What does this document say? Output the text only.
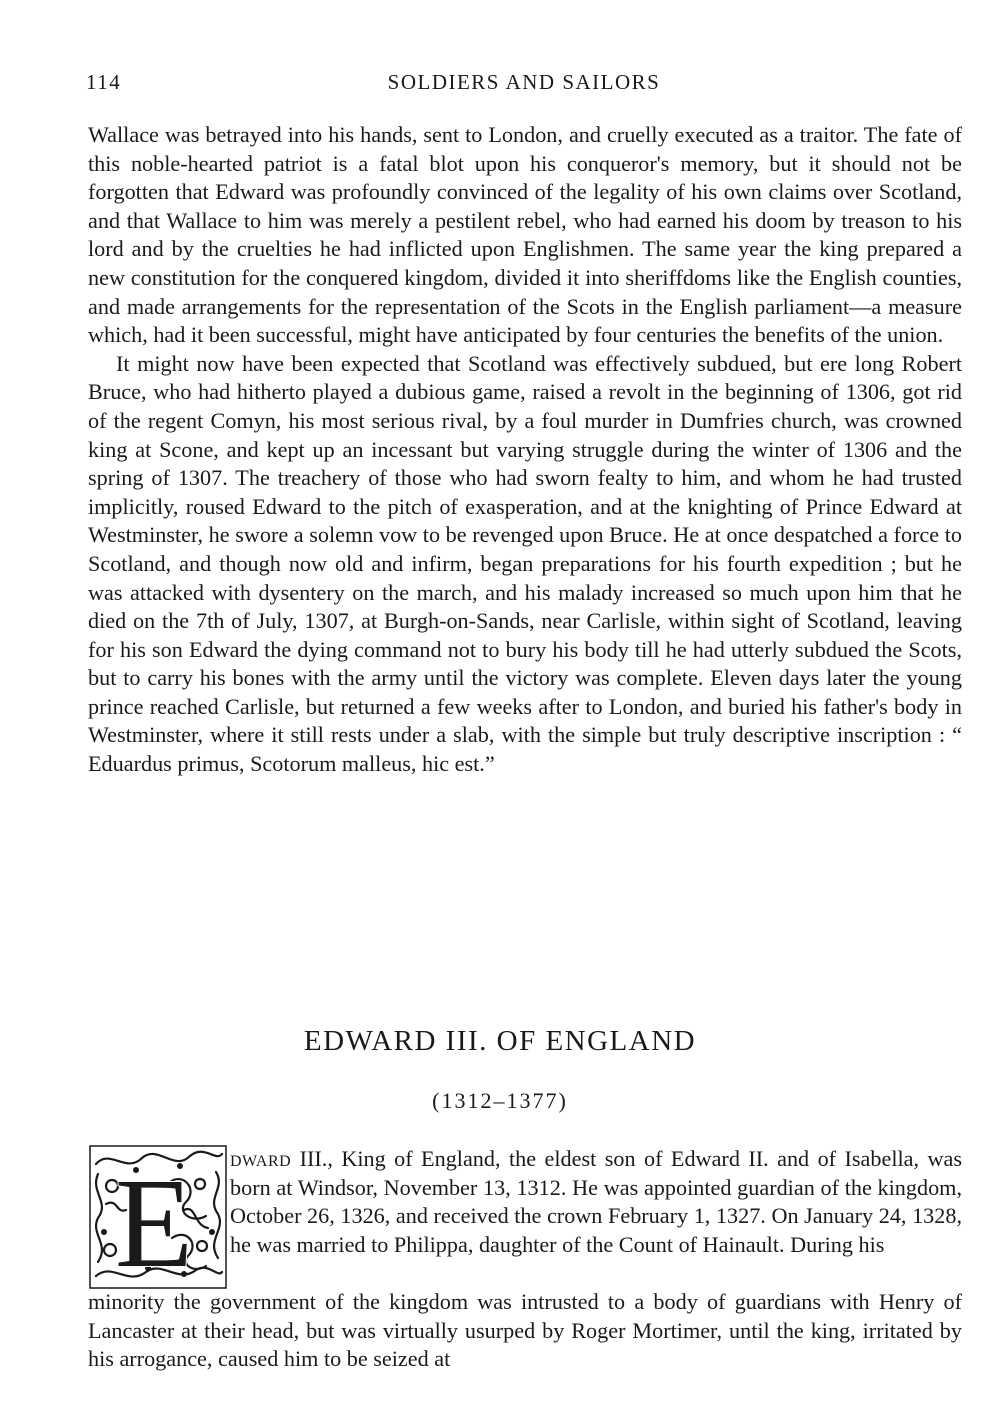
114	SOLDIERS AND SAILORS

Wallace was betrayed into his hands, sent to London, and cruelly executed as a traitor. The fate of this noble-hearted patriot is a fatal blot upon his conqueror's memory, but it should not be forgotten that Edward was profoundly convinced of the legality of his own claims over Scotland, and that Wallace to him was merely a pestilent rebel, who had earned his doom by treason to his lord and by the cruelties he had inflicted upon Englishmen. The same year the king prepared a new constitution for the conquered kingdom, divided it into sheriffdoms like the English counties, and made arrangements for the representation of the Scots in the English parliament—a measure which, had it been successful, might have anticipated by four centuries the benefits of the union.

It might now have been expected that Scotland was effectively subdued, but ere long Robert Bruce, who had hitherto played a dubious game, raised a revolt in the beginning of 1306, got rid of the regent Comyn, his most serious rival, by a foul murder in Dumfries church, was crowned king at Scone, and kept up an incessant but varying struggle during the winter of 1306 and the spring of 1307. The treachery of those who had sworn fealty to him, and whom he had trusted implicitly, roused Edward to the pitch of exasperation, and at the knighting of Prince Edward at Westminster, he swore a solemn vow to be revenged upon Bruce. He at once despatched a force to Scotland, and though now old and infirm, began preparations for his fourth expedition ; but he was attacked with dysentery on the march, and his malady increased so much upon him that he died on the 7th of July, 1307, at Burgh-on-Sands, near Carlisle, within sight of Scotland, leaving for his son Edward the dying command not to bury his body till he had utterly subdued the Scots, but to carry his bones with the army until the victory was complete. Eleven days later the young prince reached Carlisle, but returned a few weeks after to London, and buried his father's body in Westminster, where it still rests under a slab, with the simple but truly descriptive inscription : “ Eduardus primus, Scotorum malleus, hic est.”

EDWARD III. OF ENGLAND
(1312–1377)
E dward III., King of England, the eldest son of Edward II. and of Isabella, was born at Windsor, November 13, 1312. He was appointed guardian of the kingdom, October 26, 1326, and received the crown February 1, 1327. On January 24, 1328, he was married to Philippa, daughter of the Count of Hainault. During his

minority the government of the kingdom was intrusted to a body of guardians with Henry of Lancaster at their head, but was virtually usurped by Roger Mortimer, until the king, irritated by his arrogance, caused him to be seized at
